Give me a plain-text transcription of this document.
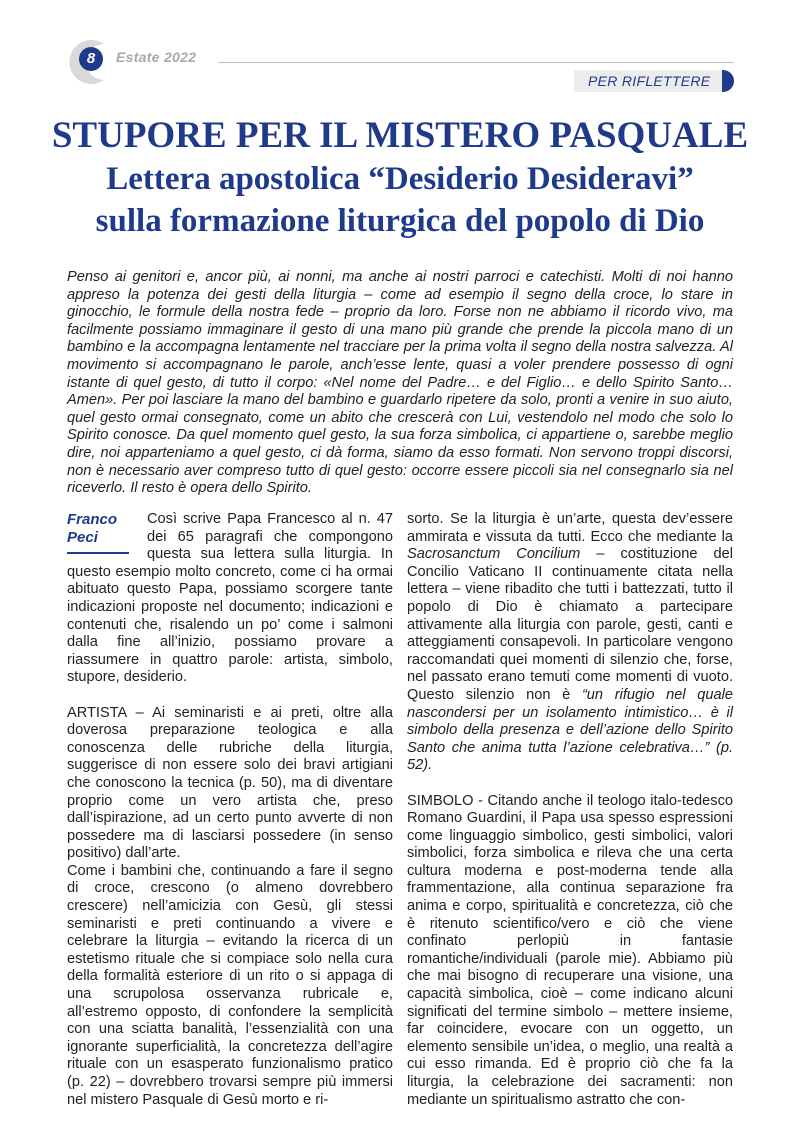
8	Estate 2022
PER RIFLETTERE
STUPORE PER IL MISTERO PASQUALE
Lettera apostolica “Desiderio Desideravi”
sulla formazione liturgica del popolo di Dio

Penso ai genitori e, ancor più, ai nonni, ma anche ai nostri parroci e catechisti. Molti di noi hanno appreso la potenza dei gesti della liturgia – come ad esempio il segno della croce, lo stare in ginocchio, le formule della nostra fede – proprio da loro. Forse non ne abbiamo il ricordo vivo, ma facilmente possiamo immaginare il gesto di una mano più grande che prende la piccola mano di un bambino e la accompagna lentamente nel tracciare per la prima volta il segno della nostra salvezza. Al movimento si accompagnano le parole, anch’esse lente, quasi a voler prendere possesso di ogni istante di quel gesto, di tutto il corpo: «Nel nome del Padre… e del Figlio… e dello Spirito Santo… Amen». Per poi lasciare la mano del bambino e guardarlo ripetere da solo, pronti a venire in suo aiuto, quel gesto ormai consegnato, come un abito che crescerà con Lui, vestendolo nel modo che solo lo Spirito conosce. Da quel momento quel gesto, la sua forza simbolica, ci appartiene o, sarebbe meglio dire, noi apparteniamo a quel gesto, ci dà forma, siamo da esso formati. Non servono troppi discorsi, non è necessario aver compreso tutto di quel gesto: occorre essere piccoli sia nel consegnarlo sia nel riceverlo. Il resto è opera dello Spirito.

Franco
Peci

Così scrive Papa Francesco al n. 47 dei 65 paragrafi che compongono questa sua lettera sulla liturgia. In questo esempio molto concreto, come ci ha ormai abituato questo Papa, possiamo scorgere tante indicazioni proposte nel documento; indicazioni e contenuti che, risalendo un po’ come i salmoni dalla fine all’inizio, possiamo provare a riassumere in quattro parole: artista, simbolo, stupore, desiderio.

ARTISTA – Ai seminaristi e ai preti, oltre alla doverosa preparazione teologica e alla conoscenza delle rubriche della liturgia, suggerisce di non essere solo dei bravi artigiani che conoscono la tecnica (p. 50), ma di diventare proprio come un vero artista che, preso dall’ispirazione, ad un certo punto avverte di non possedere ma di lasciarsi possedere (in senso positivo) dall’arte.

Come i bambini che, continuando a fare il segno di croce, crescono (o almeno dovrebbero crescere) nell’amicizia con Gesù, gli stessi seminaristi e preti continuando a vivere e celebrare la liturgia – evitando la ricerca di un estetismo rituale che si compiace solo nella cura della formalità esteriore di un rito o si appaga di una scrupolosa osservanza rubricale e, all’estremo opposto, di confondere la semplicità con una sciatta banalità, l’essenzialità con una ignorante superficialità, la concretezza dell’agire rituale con un esasperato funzionalismo pratico (p. 22) – dovrebbero trovarsi sempre più immersi nel mistero Pasquale di Gesù morto e ri-

sorto. Se la liturgia è un’arte, questa dev’essere ammirata e vissuta da tutti. Ecco che mediante la Sacrosanctum Concilium – costituzione del Concilio Vaticano II continuamente citata nella lettera – viene ribadito che tutti i battezzati, tutto il popolo di Dio è chiamato a partecipare attivamente alla liturgia con parole, gesti, canti e atteggiamenti consapevoli. In particolare vengono raccomandati quei momenti di silenzio che, forse, nel passato erano temuti come momenti di vuoto. Questo silenzio non è “un rifugio nel quale nascondersi per un isolamento intimistico… è il simbolo della presenza e dell’azione dello Spirito Santo che anima tutta l’azione celebrativa…” (p. 52).

SIMBOLO - Citando anche il teologo italo-tedesco Romano Guardini, il Papa usa spesso espressioni come linguaggio simbolico, gesti simbolici, valori simbolici, forza simbolica e rileva che una certa cultura moderna e post-moderna tende alla frammentazione, alla continua separazione fra anima e corpo, spiritualità e concretezza, ciò che è ritenuto scientifico/vero e ciò che viene confinato perlopiù in fantasie romantiche/individuali (parole mie). Abbiamo più che mai bisogno di recuperare una visione, una capacità simbolica, cioè – come indicano alcuni significati del termine simbolo – mettere insieme, far coincidere, evocare con un oggetto, un elemento sensibile un’idea, o meglio, una realtà a cui esso rimanda. Ed è proprio ciò che fa la liturgia, la celebrazione dei sacramenti: non mediante un spiritualismo astratto che con-
